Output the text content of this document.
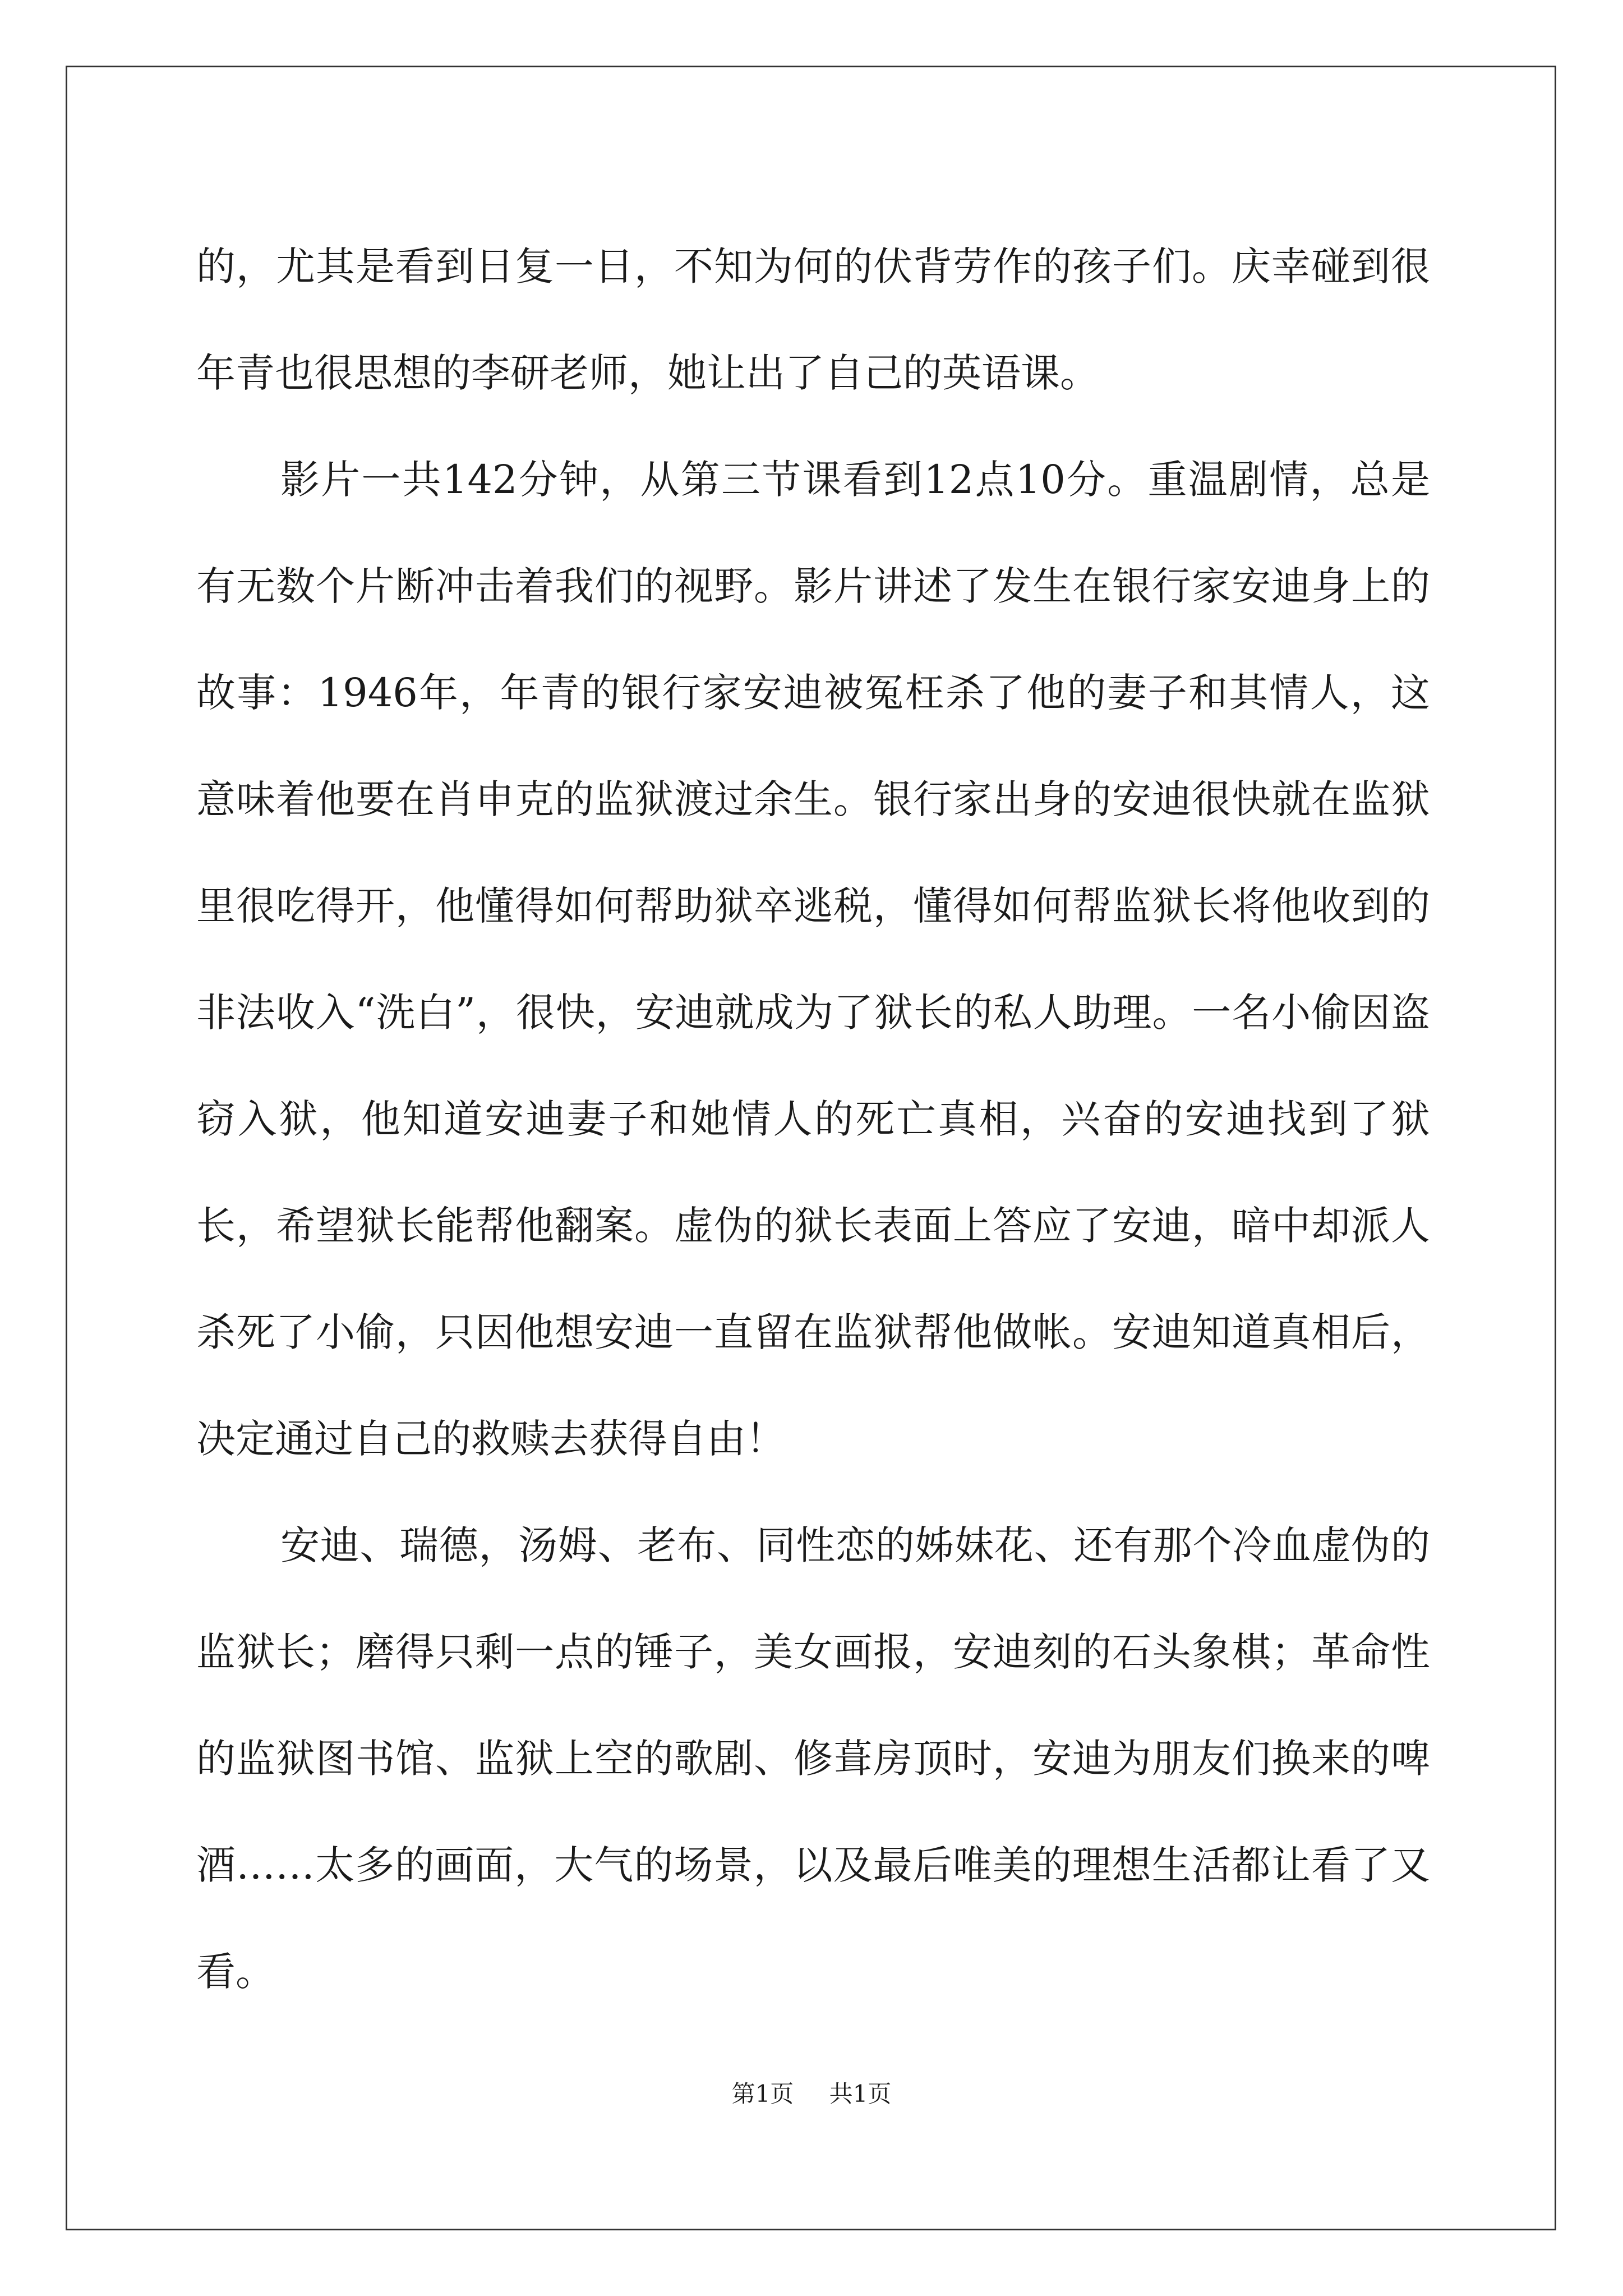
的，尤其是看到日复一日，不知为何的伏背劳作的孩子们。庆幸碰到很年青也很思想的李研老师，她让出了自己的英语课。

影片一共142分钟，从第三节课看到12点10分。重温剧情，总是有无数个片断冲击着我们的视野。影片讲述了发生在银行家安迪身上的故事：1946年，年青的银行家安迪被冤枉杀了他的妻子和其情人，这意味着他要在肖申克的监狱渡过余生。银行家出身的安迪很快就在监狱里很吃得开，他懂得如何帮助狱卒逃税，懂得如何帮监狱长将他收到的非法收入“洗白”，很快，安迪就成为了狱长的私人助理。一名小偷因盗窃入狱，他知道安迪妻子和她情人的死亡真相，兴奋的安迪找到了狱长，希望狱长能帮他翻案。虚伪的狱长表面上答应了安迪，暗中却派人杀死了小偷，只因他想安迪一直留在监狱帮他做帐。安迪知道真相后，决定通过自己的救赎去获得自由！

安迪、瑞德，汤姆、老布、同性恋的姊妹花、还有那个冷血虚伪的监狱长；磨得只剩一点的锤子，美女画报，安迪刻的石头象棋；革命性的监狱图书馆、监狱上空的歌剧、修葺房顶时，安迪为朋友们换来的啤酒……太多的画面，大气的场景，以及最后唯美的理想生活都让看了又看。

第1页 共1页
